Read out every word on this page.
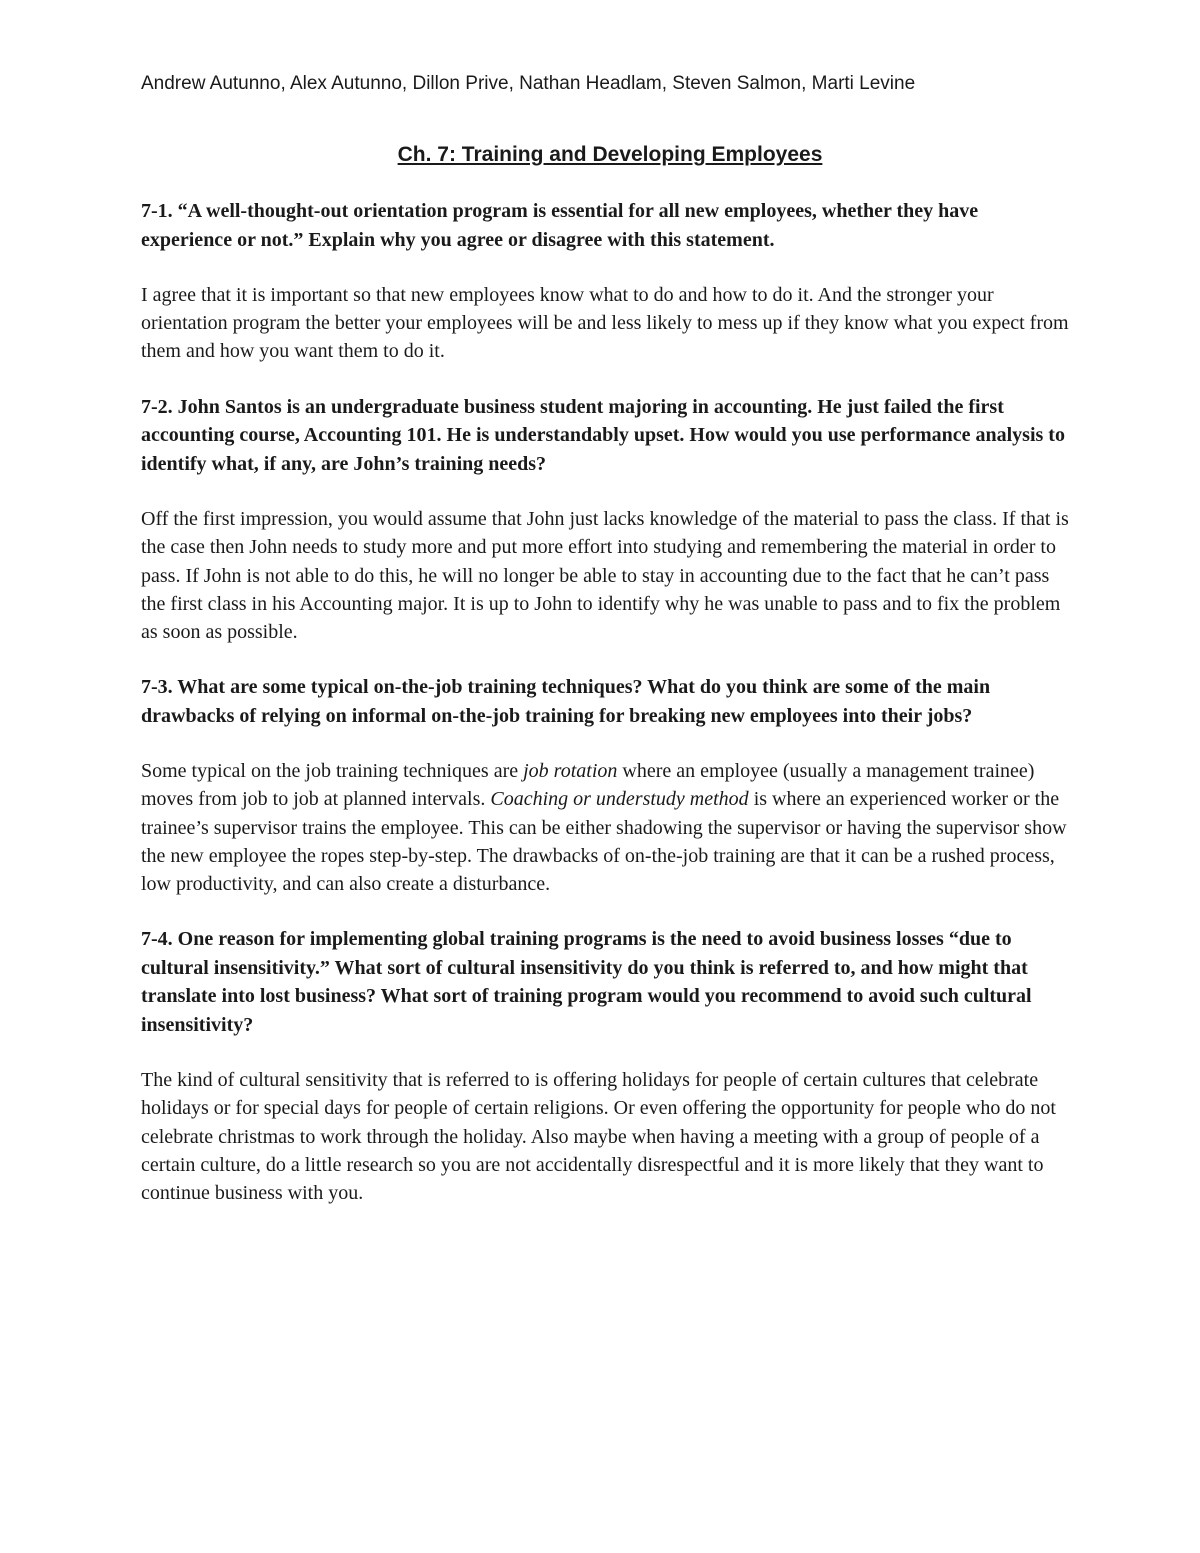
Andrew Autunno, Alex Autunno, Dillon Prive, Nathan Headlam, Steven Salmon, Marti Levine

Ch. 7: Training and Developing Employees

7-1. “A well-thought-out orientation program is essential for all new employees, whether they have experience or not.” Explain why you agree or disagree with this statement.

I agree that it is important so that new employees know what to do and how to do it. And the stronger your orientation program the better your employees will be and less likely to mess up if they know what you expect from them and how you want them to do it.

7-2. John Santos is an undergraduate business student majoring in accounting. He just failed the first accounting course, Accounting 101. He is understandably upset. How would you use performance analysis to identify what, if any, are John’s training needs?

Off the first impression, you would assume that John just lacks knowledge of the material to pass the class. If that is the case then John needs to study more and put more effort into studying and remembering the material in order to pass. If John is not able to do this, he will no longer be able to stay in accounting due to the fact that he can’t pass the first class in his Accounting major. It is up to John to identify why he was unable to pass and to fix the problem as soon as possible.

7-3. What are some typical on-the-job training techniques? What do you think are some of the main drawbacks of relying on informal on-the-job training for breaking new employees into their jobs?

Some typical on the job training techniques are job rotation where an employee (usually a management trainee) moves from job to job at planned intervals. Coaching or understudy method is where an experienced worker or the trainee’s supervisor trains the employee. This can be either shadowing the supervisor or having the supervisor show the new employee the ropes step-by-step. The drawbacks of on-the-job training are that it can be a rushed process, low productivity, and can also create a disturbance.

7-4. One reason for implementing global training programs is the need to avoid business losses “due to cultural insensitivity.” What sort of cultural insensitivity do you think is referred to, and how might that translate into lost business? What sort of training program would you recommend to avoid such cultural insensitivity?

The kind of cultural sensitivity that is referred to is offering holidays for people of certain cultures that celebrate holidays or for special days for people of certain religions. Or even offering the opportunity for people who do not celebrate christmas to work through the holiday. Also maybe when having a meeting with a group of people of a certain culture, do a little research so you are not accidentally disrespectful and it is more likely that they want to continue business with you.
